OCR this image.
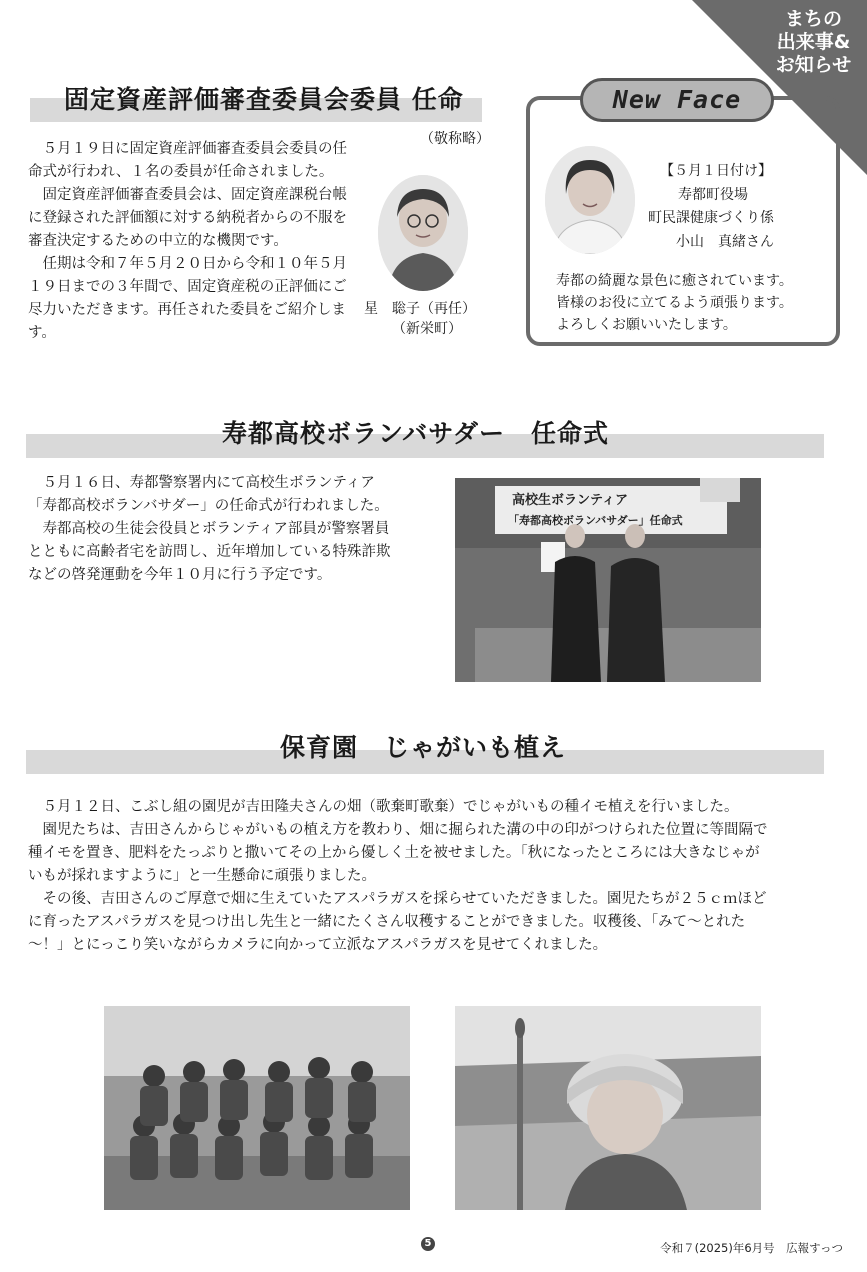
まちの
出来事&
お知らせ
固定資産評価審査委員会委員 任命
（敬称略）

　５月１９日に固定資産評価審査委員会委員の任命式が行われ、１名の委員が任命されました。

　固定資産評価審査委員会は、固定資産課税台帳に登録された評価額に対する納税者からの不服を審査決定するための中立的な機関です。

　任期は令和７年５月２０日から令和１０年５月１９日までの３年間で、固定資産税の正評価にご尽力いただきます。再任された委員をご紹介します。

星　聡子（再任）
（新栄町）
New Face
【５月１日付け】
寿都町役場
町民課健康づくり係
小山　真緒さん

寿都の綺麗な景色に癒されています。

皆様のお役に立てるよう頑張ります。

よろしくお願いいたします。

寿都高校ボランバサダー　任命式

　５月１６日、寿都警察署内にて高校生ボランティア「寿都高校ボランバサダー」の任命式が行われました。

　寿都高校の生徒会役員とボランティア部員が警察署員とともに高齢者宅を訪問し、近年増加している特殊詐欺などの啓発運動を今年１０月に行う予定です。

高校生ボランティア
「寿都高校ボランバサダー」任命式
保育園　じゃがいも植え

　５月１２日、こぶし組の園児が吉田隆夫さんの畑（歌棄町歌棄）でじゃがいもの種イモ植えを行いました。

　園児たちは、吉田さんからじゃがいもの植え方を教わり、畑に掘られた溝の中の印がつけられた位置に等間隔で種イモを置き、肥料をたっぷりと撒いてその上から優しく土を被せました。「秋になったところには大きなじゃがいもが採れますように」と一生懸命に頑張りました。

　その後、吉田さんのご厚意で畑に生えていたアスパラガスを採らせていただきました。園児たちが２５ｃｍほどに育ったアスパラガスを見つけ出し先生と一緒にたくさん収穫することができました。収穫後、「みて～とれた～！」とにっこり笑いながらカメラに向かって立派なアスパラガスを見せてくれました。

5	令和７(2025)年6月号　広報すっつ
